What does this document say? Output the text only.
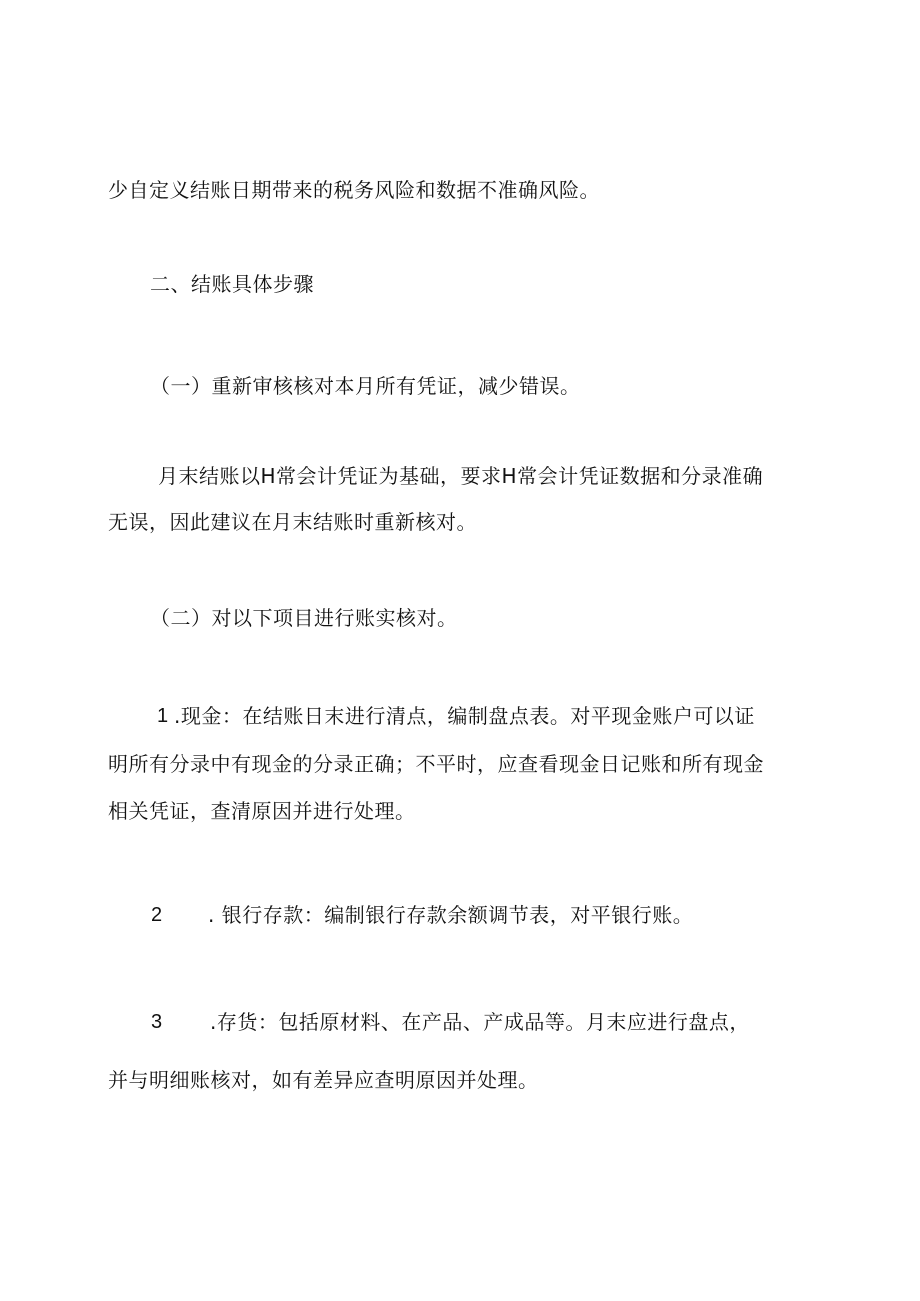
少自定义结账日期带来的税务风险和数据不准确风险。
二、结账具体步骤
（一）重新审核核对本月所有凭证，减少错误。
月末结账以H常会计凭证为基础，要求H常会计凭证数据和分录准确
无误，因此建议在月末结账时重新核对。
（二）对以下项目进行账实核对。
1 .现金：在结账日末进行清点，编制盘点表。对平现金账户可以证
明所有分录中有现金的分录正确；不平时，应查看现金日记账和所有现金
相关凭证，查清原因并进行处理。
2 . 银行存款：编制银行存款余额调节表，对平银行账。
3 .存货：包括原材料、在产品、产成品等。月末应进行盘点，
并与明细账核对，如有差异应查明原因并处理。
